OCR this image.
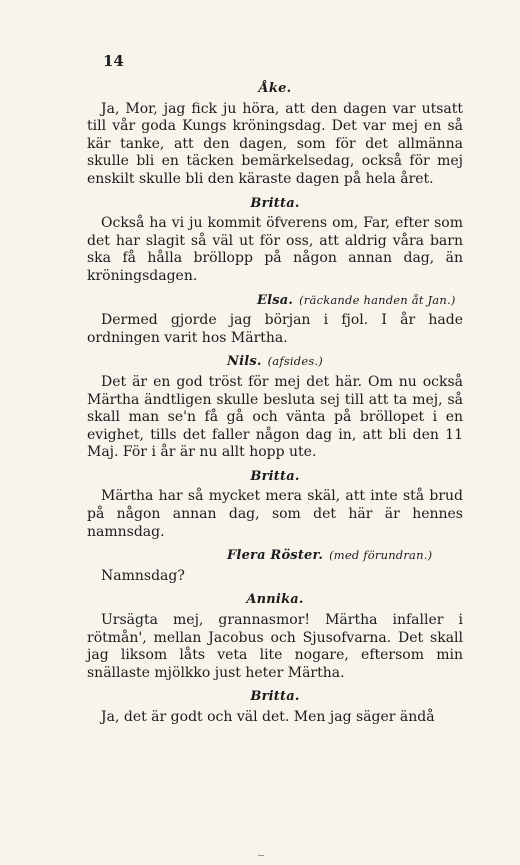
14
Åke.

Ja, Mor, jag fick ju höra, att den dagen var utsatt till vår goda Kungs kröningsdag. Det var mej en så kär tanke, att den dagen, som för det allmänna skulle bli en täcken bemärkelsedag, också för mej enskilt skulle bli den käraste dagen på hela året.

Britta.

Också ha vi ju kommit öfverens om, Far, efter som det har slagit så väl ut för oss, att aldrig våra barn ska få hålla bröllopp på någon annan dag, än kröningsdagen.

Elsa. (räckande handen åt Jan.)

Dermed gjorde jag början i fjol. I år hade ordningen varit hos Märtha.

Nils. (afsides.)

Det är en god tröst för mej det här. Om nu också Märtha ändtligen skulle besluta sej till att ta mej, så skall man se'n få gå och vänta på bröllopet i en evighet, tills det faller någon dag in, att bli den 11 Maj. För i år är nu allt hopp ute.

Britta.

Märtha har så mycket mera skäl, att inte stå brud på någon annan dag, som det här är hennes namnsdag.

Flera Röster. (med förundran.)

Namnsdag?

Annika.

Ursägta mej, grannasmor! Märtha infaller i rötmån', mellan Jacobus och Sjusofvarna. Det skall jag liksom låts veta lite nogare, eftersom min snällaste mjölkko just heter Märtha.

Britta.

Ja, det är godt och väl det. Men jag säger ändå
